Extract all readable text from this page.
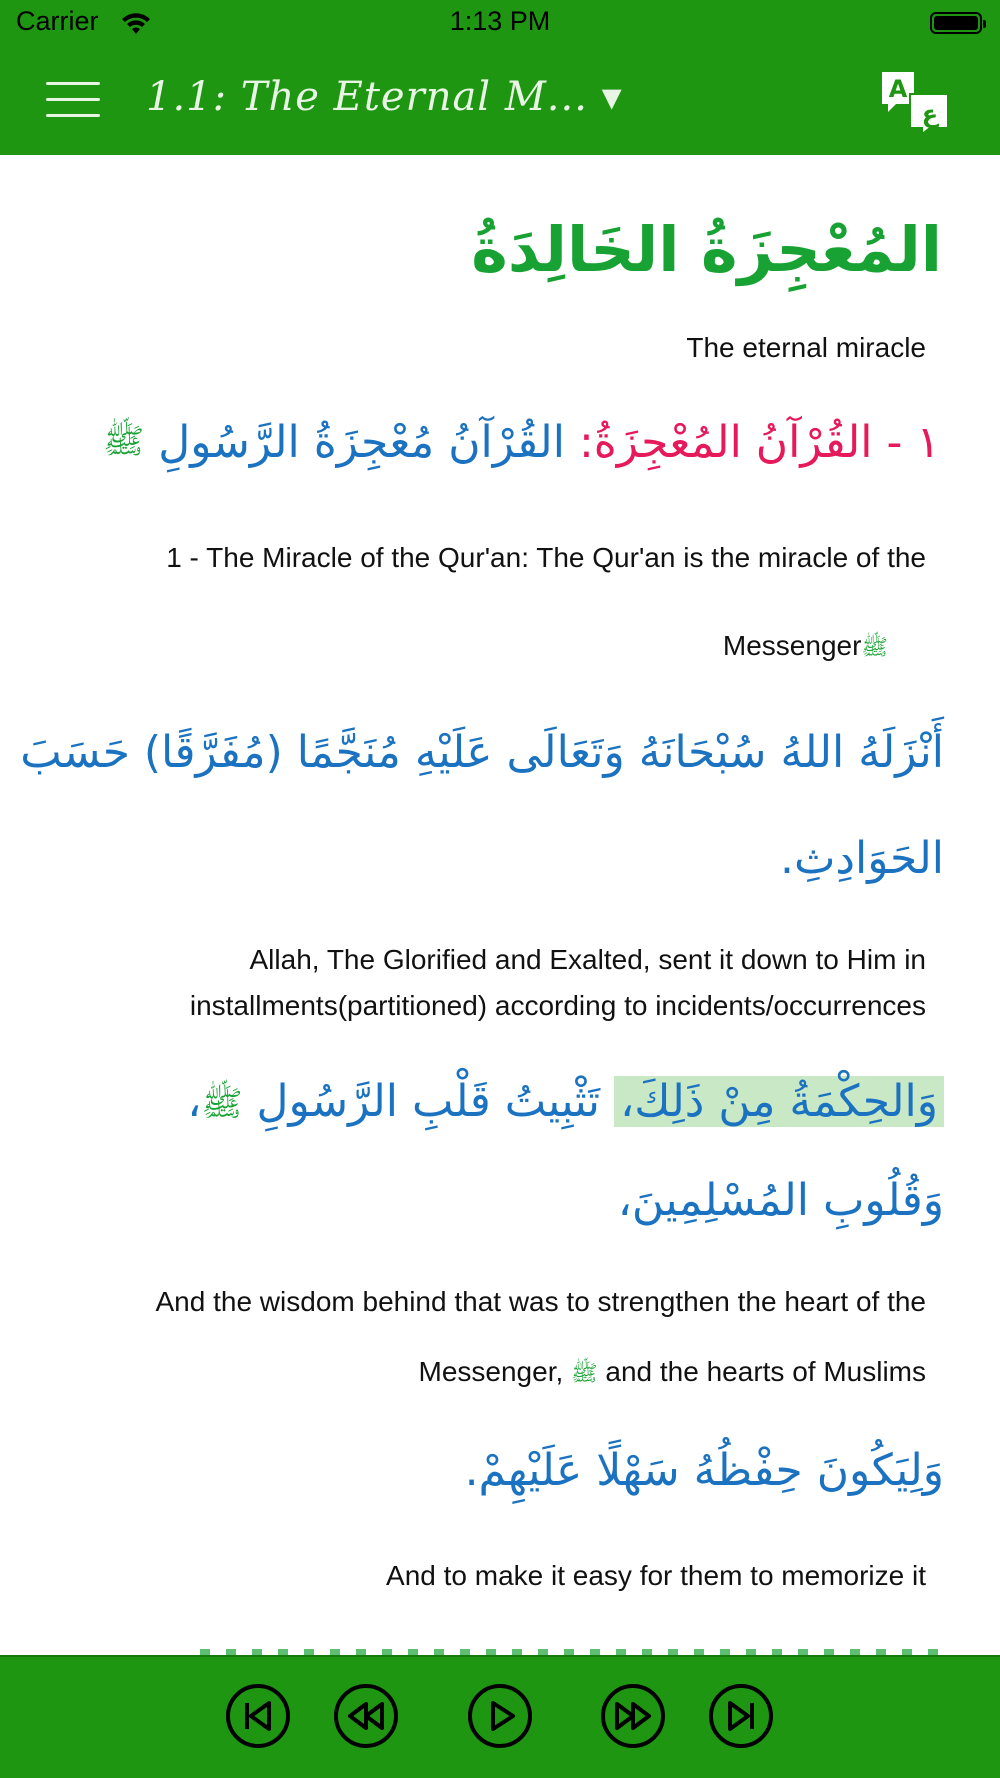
Carrier	1:13 PM
1.1: The Eternal M... ▾	A
ع
المُعْجِزَةُ الخَالِدَةُ
The eternal miracle
١ - القُرْآنُ المُعْجِزَةُ: القُرْآنُ مُعْجِزَةُ الرَّسُولِ ﷺ
1 - The Miracle of the Qur'an: The Qur'an is the miracle of the
Messengerﷺ
أَنْزَلَهُ اللهُ سُبْحَانَهُ وَتَعَالَى عَلَيْهِ مُنَجَّمًا (مُفَرَّقًا) حَسَبَ
الحَوَادِثِ.
Allah, The Glorified and Exalted, sent it down to Him in
installments(partitioned) according to incidents/occurrences
وَالحِكْمَةُ مِنْ ذَلِكَ، تَثْبِيتُ قَلْبِ الرَّسُولِ ﷺ،
وَقُلُوبِ المُسْلِمِينَ،
And the wisdom behind that was to strengthen the heart of the
Messenger, ﷺ and the hearts of Muslims
وَلِيَكُونَ حِفْظُهُ سَهْلًا عَلَيْهِمْ.
And to make it easy for them to memorize it
